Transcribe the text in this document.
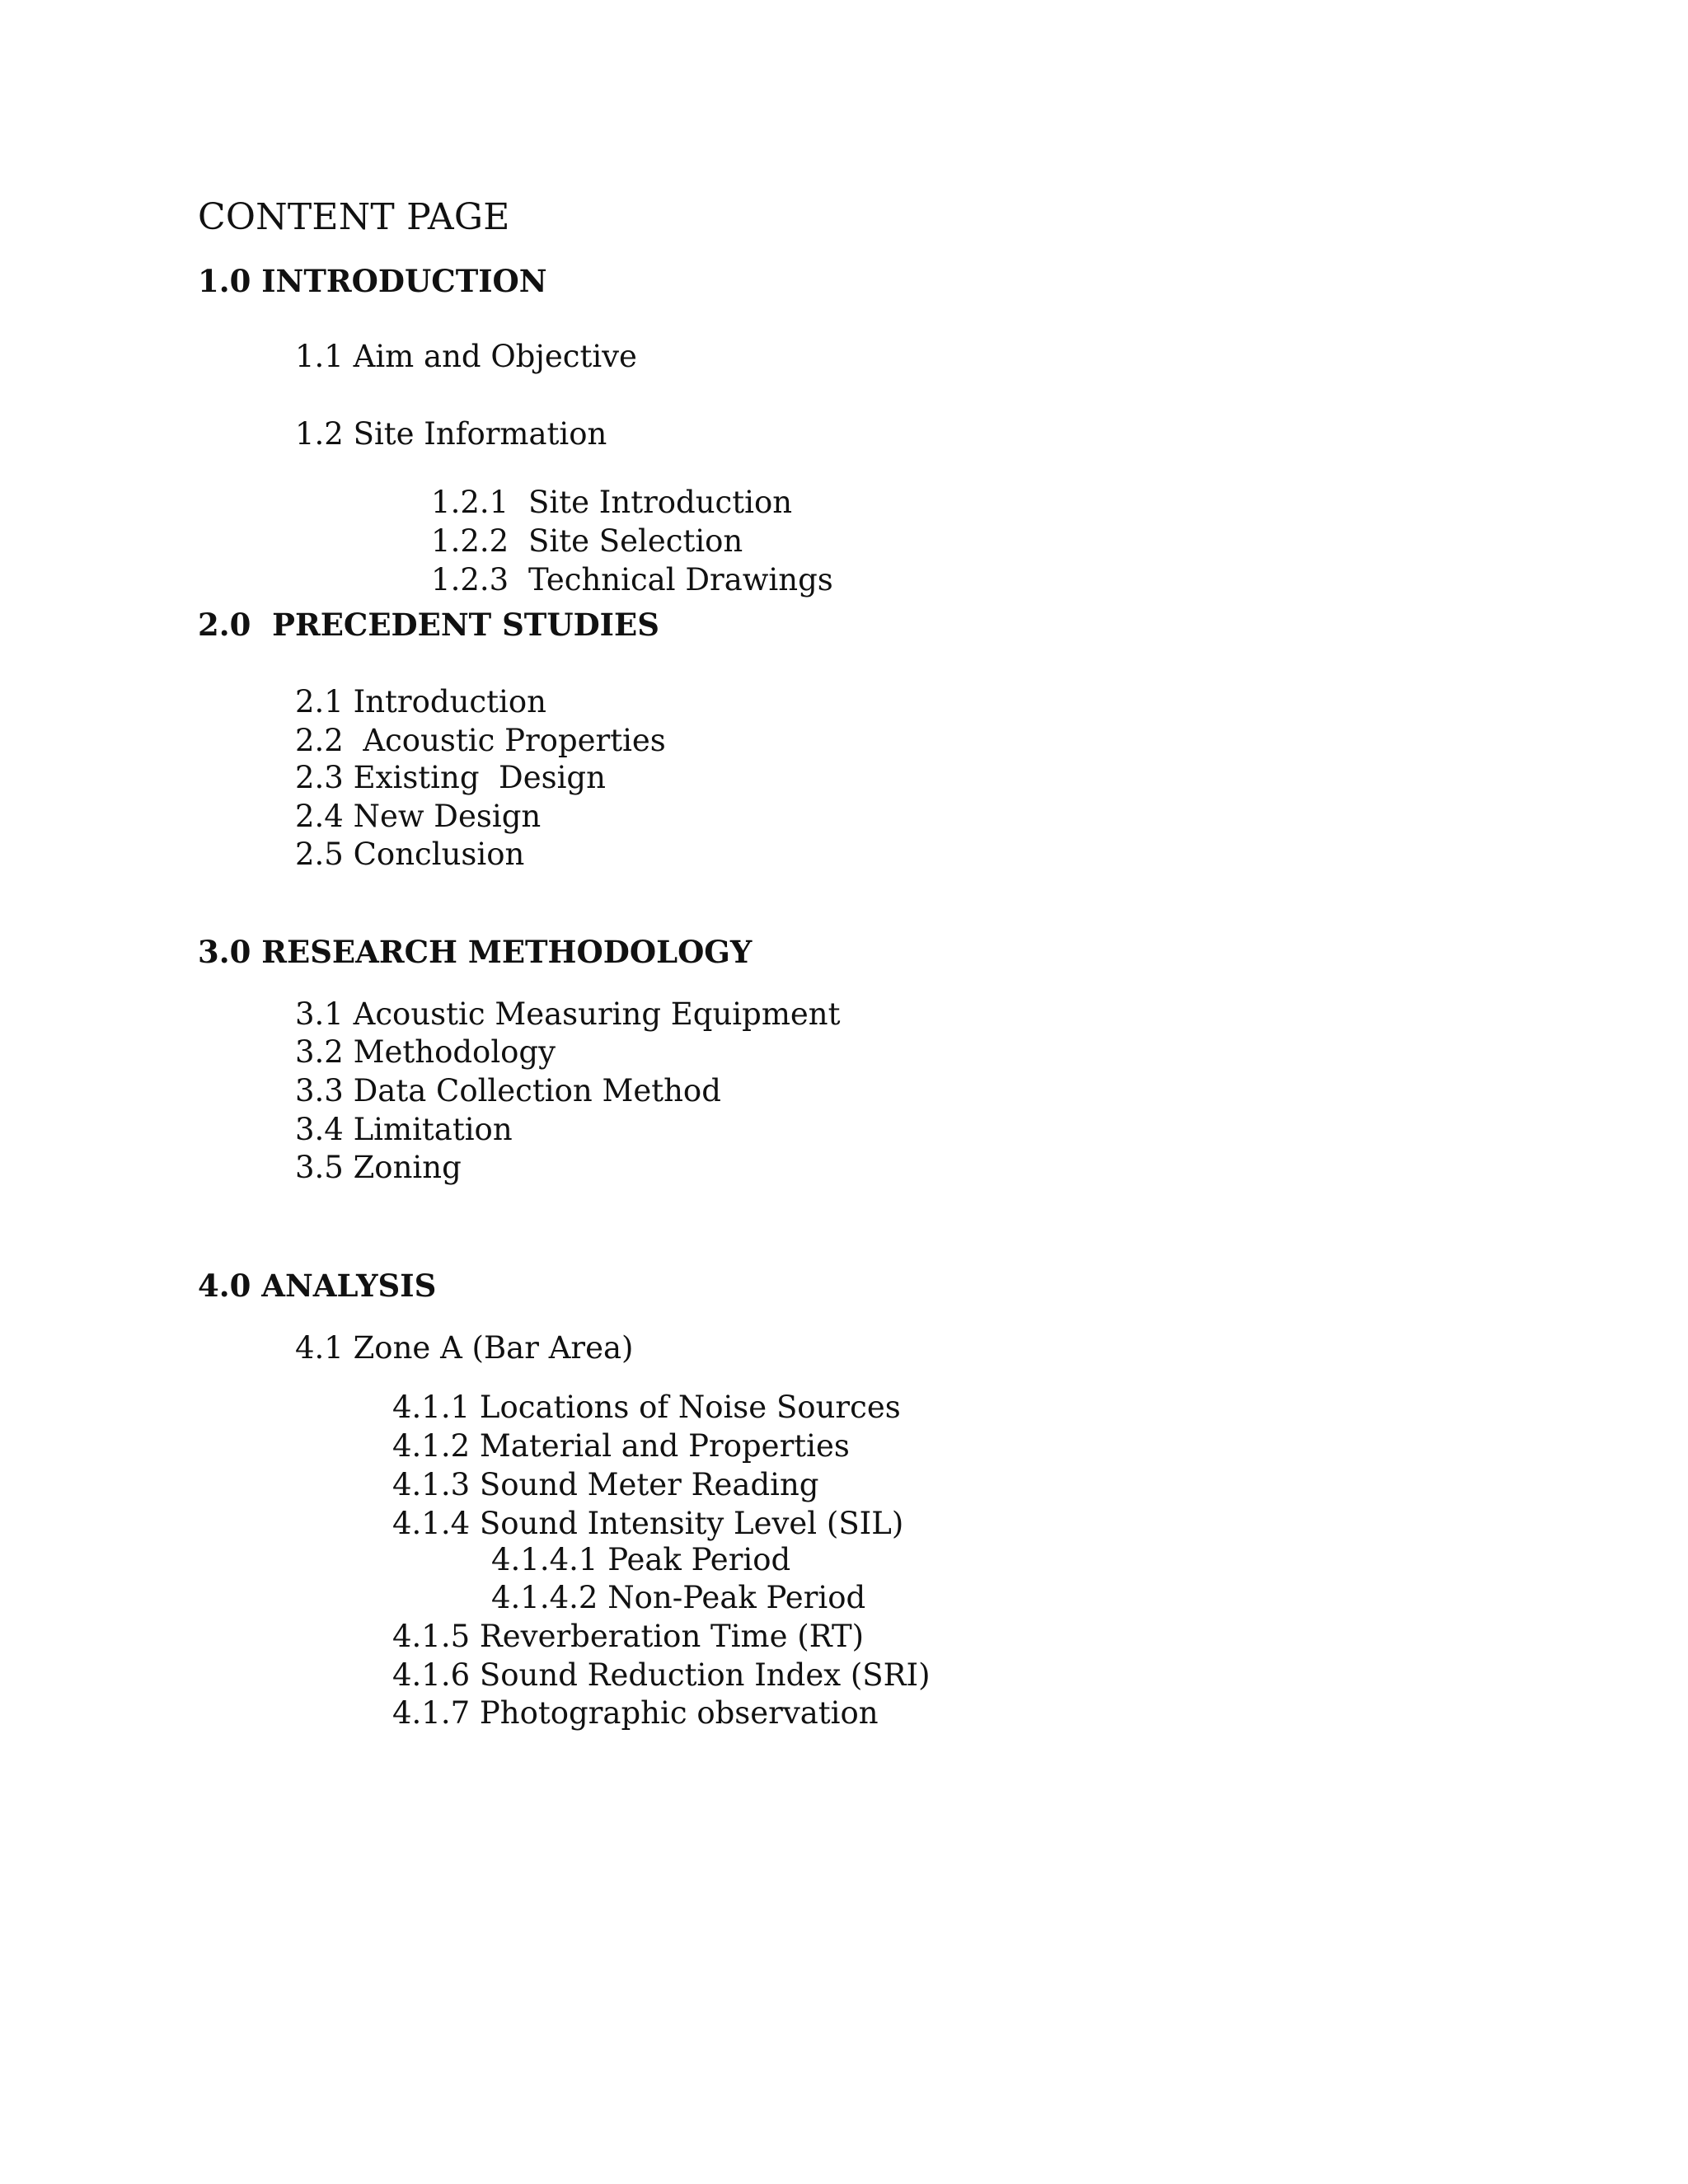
CONTENT PAGE
1.0 INTRODUCTION
1.1 Aim and Objective
1.2 Site Information

1.2.1 Site Introduction

1.2.2 Site Selection

1.2.3 Technical Drawings

2.0  PRECEDENT STUDIES
2.1 Introduction
2.2  Acoustic Properties
2.3 Existing  Design
2.4 New Design
2.5 Conclusion
3.0 RESEARCH METHODOLOGY
3.1 Acoustic Measuring Equipment
3.2 Methodology
3.3 Data Collection Method
3.4 Limitation
3.5 Zoning
4.0 ANALYSIS
4.1 Zone A (Bar Area)
4.1.1 Locations of Noise Sources
4.1.2 Material and Properties
4.1.3 Sound Meter Reading
4.1.4 Sound Intensity Level (SIL)
4.1.4.1 Peak Period
4.1.4.2 Non-Peak Period
4.1.5 Reverberation Time (RT)
4.1.6 Sound Reduction Index (SRI)
4.1.7 Photographic observation
